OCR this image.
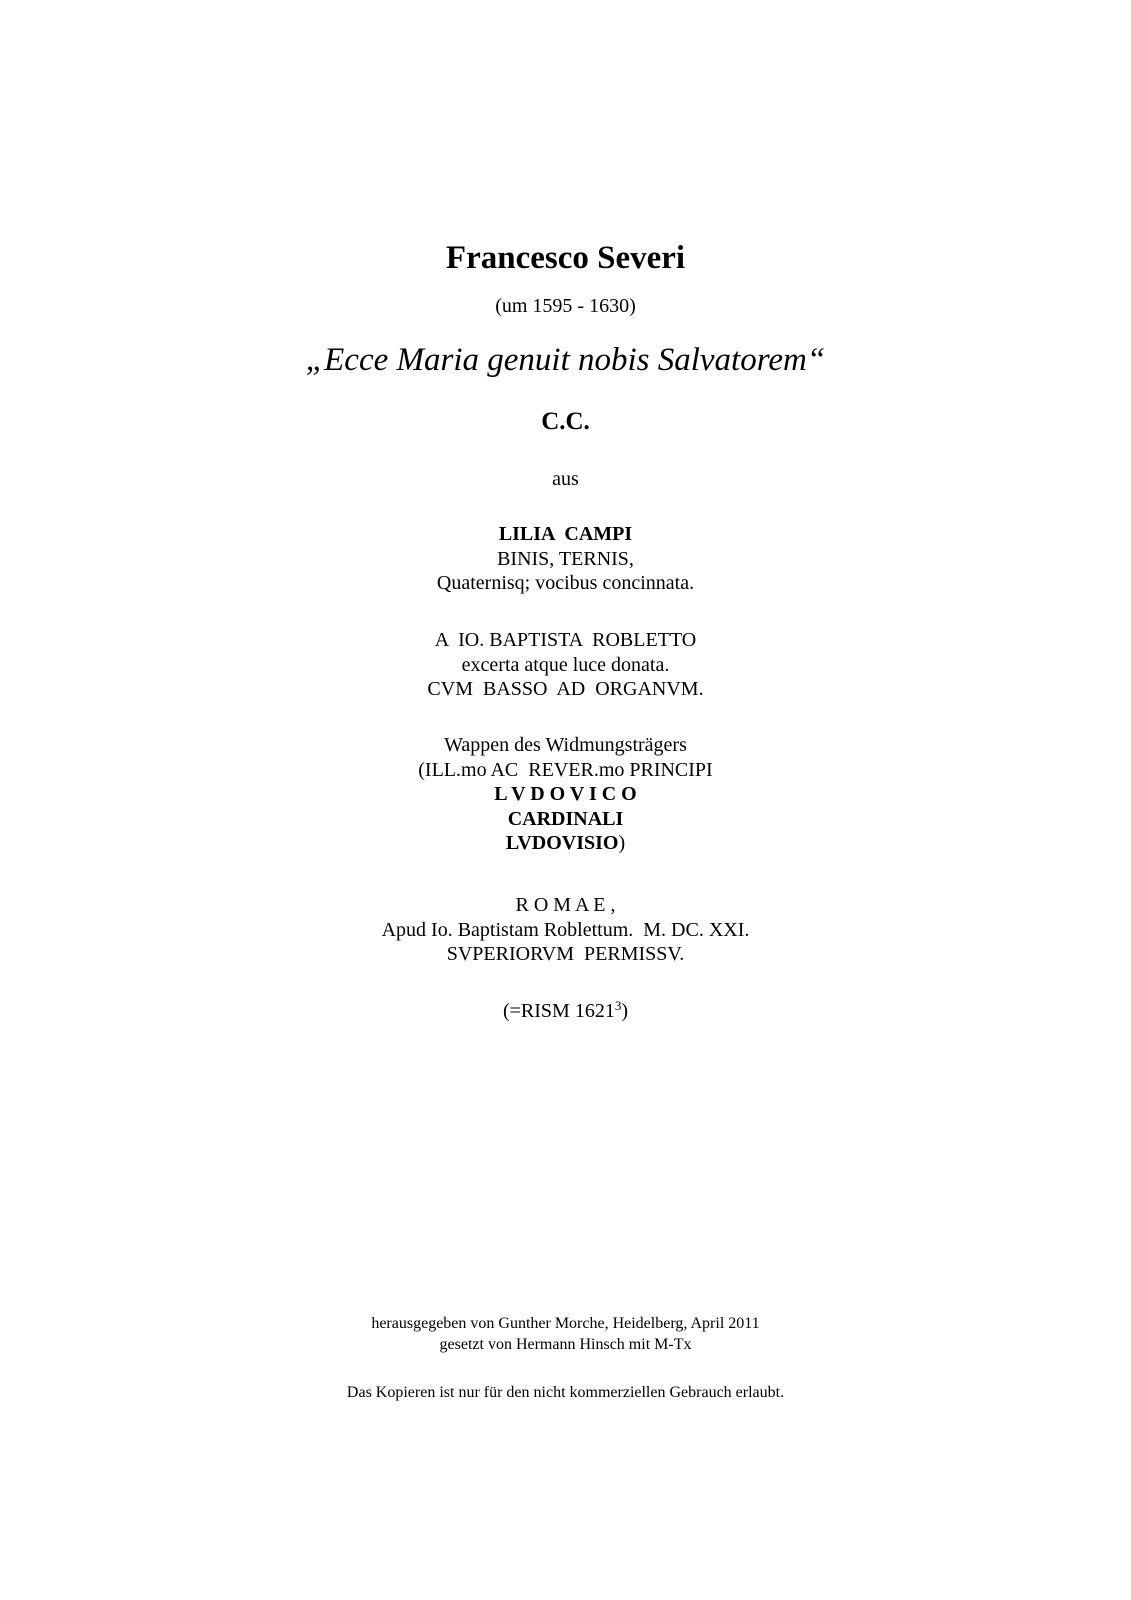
Francesco Severi
(um 1595 - 1630)
„Ecce Maria genuit nobis Salvatorem“
C.C.
aus
LILIA  CAMPI
BINIS, TERNIS,
Quaternisq; vocibus concinnata.
A  IO. BAPTISTA  ROBLETTO
excerta atque luce donata.
CVM  BASSO  AD  ORGANVM.
Wappen des Widmungsträgers
(ILL.mo AC  REVER.mo PRINCIPI
L V D O V I C O
CARDINALI
LVDOVISIO)
R O M A E ,
Apud Io. Baptistam Roblettum.  M. DC. XXI.
SVPERIORVM  PERMISSV.
(=RISM 1621$^3$)
herausgegeben von Gunther Morche, Heidelberg, April 2011
gesetzt von Hermann Hinsch mit M-Tx
Das Kopieren ist nur für den nicht kommerziellen Gebrauch erlaubt.
